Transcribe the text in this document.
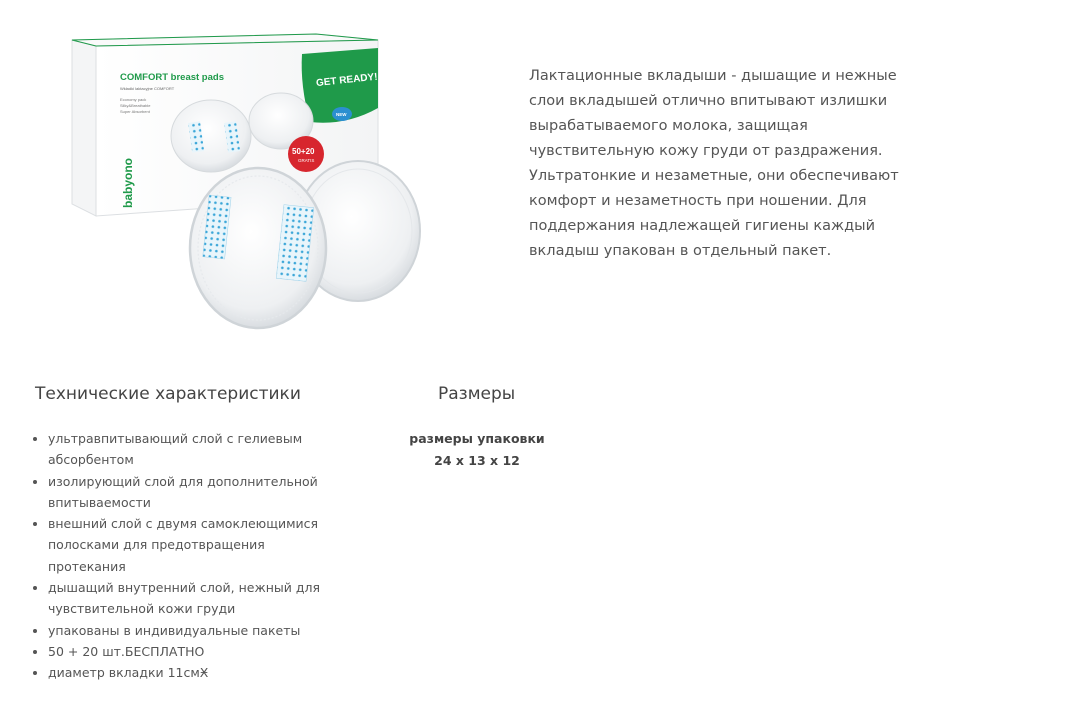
COMFORT breast pads
Wkładki laktacyjne COMFORT
Economy pack
Silky&Breathable
Super Absorbent
GET READY!
NEW
50+20
GRATIS
babyono

Лактационные вкладыши - дышащие и нежные слои вкладышей отлично впитывают излишки вырабатываемого молока, защищая чувствительную кожу груди от раздражения. Ультратонкие и незаметные, они обеспечивают комфорт и незаметность при ношении. Для поддержания надлежащей гигиены каждый вкладыш упакован в отдельный пакет.

Технические характеристики
• ультравпитывающий слой с гелиевым абсорбентом
• изолирующий слой для дополнительной впитываемости
• внешний слой с двумя самоклеющимися полосками для предотвращения протекания
• дышащий внутренний слой, нежный для чувствительной кожи груди
• упакованы в индивидуальные пакеты
• 50 + 20 шт.БЕСПЛАТНО
• диаметр вкладки 11смӾ
Размеры
размеры упаковки
24 x 13 x 12
